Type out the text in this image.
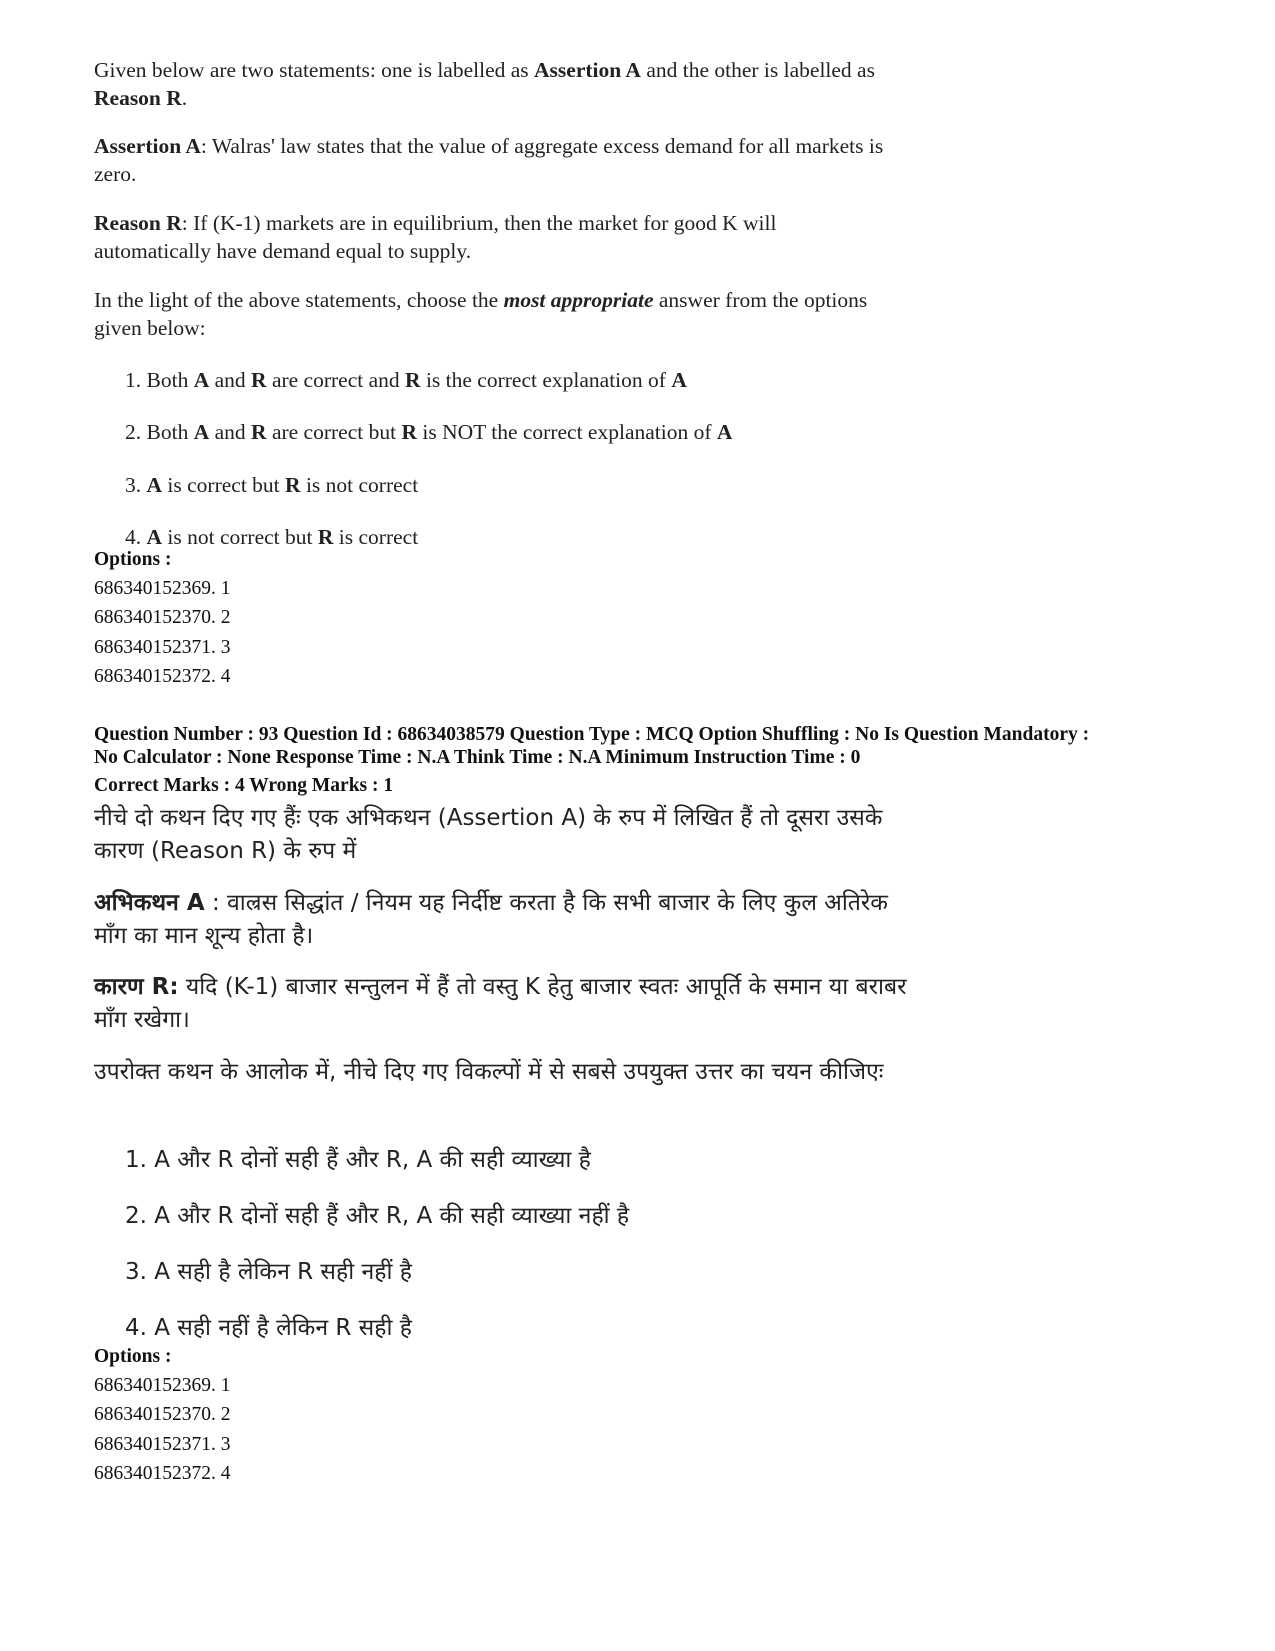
Given below are two statements: one is labelled as Assertion A and the other is labelled as Reason R.
Assertion A: Walras' law states that the value of aggregate excess demand for all markets is zero.
Reason R: If (K-1) markets are in equilibrium, then the market for good K will automatically have demand equal to supply.
In the light of the above statements, choose the most appropriate answer from the options given below:
1. Both A and R are correct and R is the correct explanation of A
2. Both A and R are correct but R is NOT the correct explanation of A
3. A is correct but R is not correct
4. A is not correct but R is correct
Options :
686340152369. 1
686340152370. 2
686340152371. 3
686340152372. 4
Question Number : 93 Question Id : 68634038579 Question Type : MCQ Option Shuffling : No Is Question Mandatory :
No Calculator : None Response Time : N.A Think Time : N.A Minimum Instruction Time : 0
Correct Marks : 4 Wrong Marks : 1
नीचे दो कथन दिए गए हैंः एक अभिकथन (Assertion A) के रुप में लिखित हैं तो दूसरा उसके कारण (Reason R) के रुप में
अभिकथन A : वाल्रस सिद्धांत / नियम यह निर्दीष्ट करता है कि सभी बाजार के लिए कुल अतिरेक माँग का मान शून्य होता है।
कारण R: यदि (K-1) बाजार सन्तुलन में हैं तो वस्तु K हेतु बाजार स्वतः आपूर्ति के समान या बराबर माँग रखेगा।
उपरोक्त कथन के आलोक में, नीचे दिए गए विकल्पों में से सबसे उपयुक्त उत्तर का चयन कीजिएः
1. A और R दोनों सही हैं और R, A की सही व्याख्या है
2. A और R दोनों सही हैं और R, A की सही व्याख्या नहीं है
3. A सही है लेकिन R सही नहीं है
4. A सही नहीं है लेकिन R सही है
Options :
686340152369. 1
686340152370. 2
686340152371. 3
686340152372. 4
